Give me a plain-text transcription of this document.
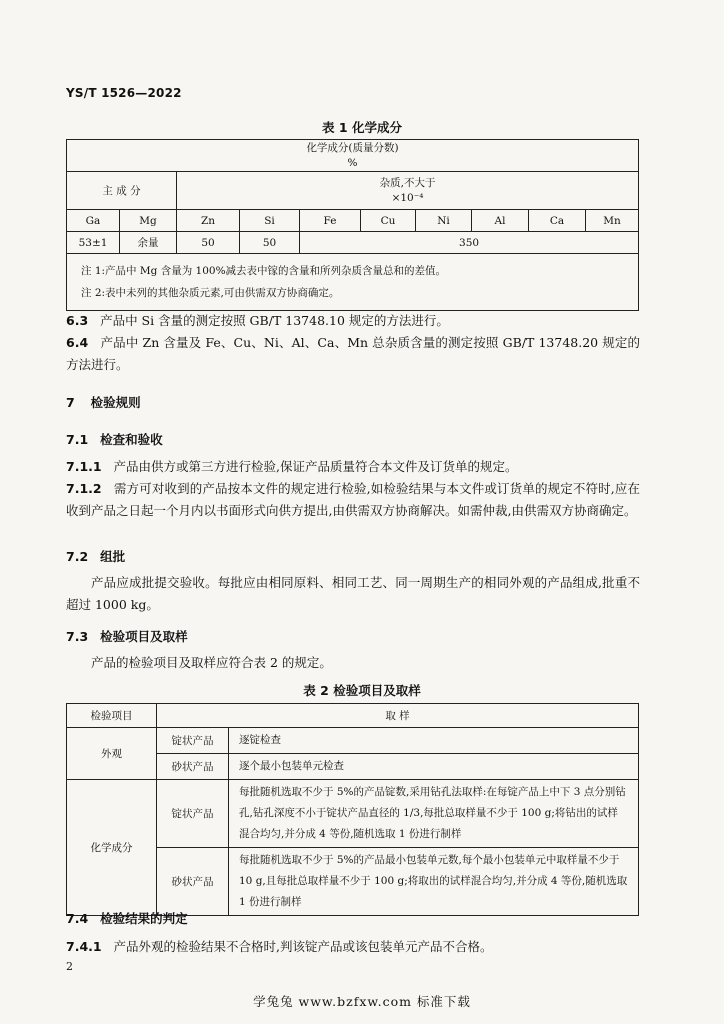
YS/T 1526—2022
表 1 化学成分
化学成分(质量分数)
%									

主 成 分		杂质,不大于
×10⁻⁴							

Ga	Mg	Zn	Si	Fe	Cu	Ni	Al	Ca	Mn
53±1	余量	50	50	350					

注 1:产品中 Mg 含量为 100%减去表中镓的含量和所列杂质含量总和的差值。
注 2:表中未列的其他杂质元素,可由供需双方协商确定。									
6.3 产品中 Si 含量的测定按照 GB/T 13748.10 规定的方法进行。
6.4 产品中 Zn 含量及 Fe、Cu、Ni、Al、Ca、Mn 总杂质含量的测定按照 GB/T 13748.20 规定的方法进行。
7 检验规则
7.1 检查和验收
7.1.1 产品由供方或第三方进行检验,保证产品质量符合本文件及订货单的规定。
7.1.2 需方可对收到的产品按本文件的规定进行检验,如检验结果与本文件或订货单的规定不符时,应在收到产品之日起一个月内以书面形式向供方提出,由供需双方协商解决。如需仲裁,由供需双方协商确定。
7.2 组批
产品应成批提交验收。每批应由相同原料、相同工艺、同一周期生产的相同外观的产品组成,批重不超过 1000 kg。
7.3 检验项目及取样
产品的检验项目及取样应符合表 2 的规定。
表 2 检验项目及取样
检验项目	取 样	
外观	锭状产品	逐锭检查
	砂状产品	逐个最小包装单元检查
化学成分	锭状产品	每批随机选取不少于 5%的产品锭数,采用钻孔法取样:在每锭产品上中下 3 点分别钻孔,钻孔深度不小于锭状产品直径的 1/3,每批总取样量不少于 100 g;将钻出的试样混合均匀,并分成 4 等份,随机选取 1 份进行制样
	砂状产品	每批随机选取不少于 5%的产品最小包装单元数,每个最小包装单元中取样量不少于 10 g,且每批总取样量不少于 100 g;将取出的试样混合均匀,并分成 4 等份,随机选取 1 份进行制样
7.4 检验结果的判定
7.4.1 产品外观的检验结果不合格时,判该锭产品或该包装单元产品不合格。
2
学兔兔 www.bzfxw.com 标准下载
